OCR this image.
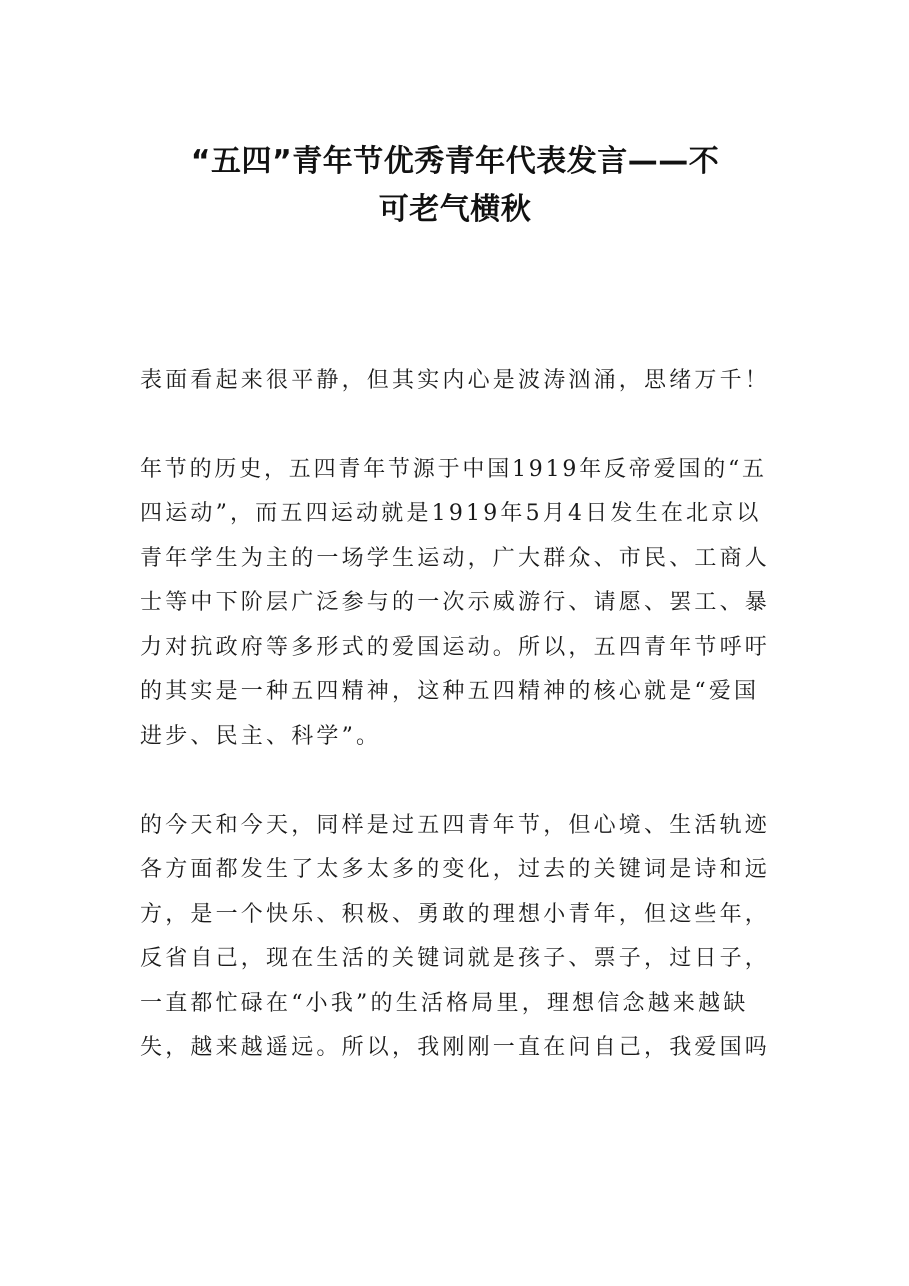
“五四”青年节优秀青年代表发言——不
可老气横秋

表面看起来很平静，但其实内心是波涛汹涌，思绪万千！

年节的历史，五四青年节源于中国1919年反帝爱国的“五

四运动”，而五四运动就是1919年5月4日发生在北京以

青年学生为主的一场学生运动，广大群众、市民、工商人

士等中下阶层广泛参与的一次示威游行、请愿、罢工、暴

力对抗政府等多形式的爱国运动。所以，五四青年节呼吁

的其实是一种五四精神，这种五四精神的核心就是“爱国

进步、民主、科学”。

的今天和今天，同样是过五四青年节，但心境、生活轨迹

各方面都发生了太多太多的变化，过去的关键词是诗和远

方，是一个快乐、积极、勇敢的理想小青年，但这些年，

反省自己，现在生活的关键词就是孩子、票子，过日子，

一直都忙碌在“小我”的生活格局里，理想信念越来越缺

失，越来越遥远。所以，我刚刚一直在问自己，我爱国吗
